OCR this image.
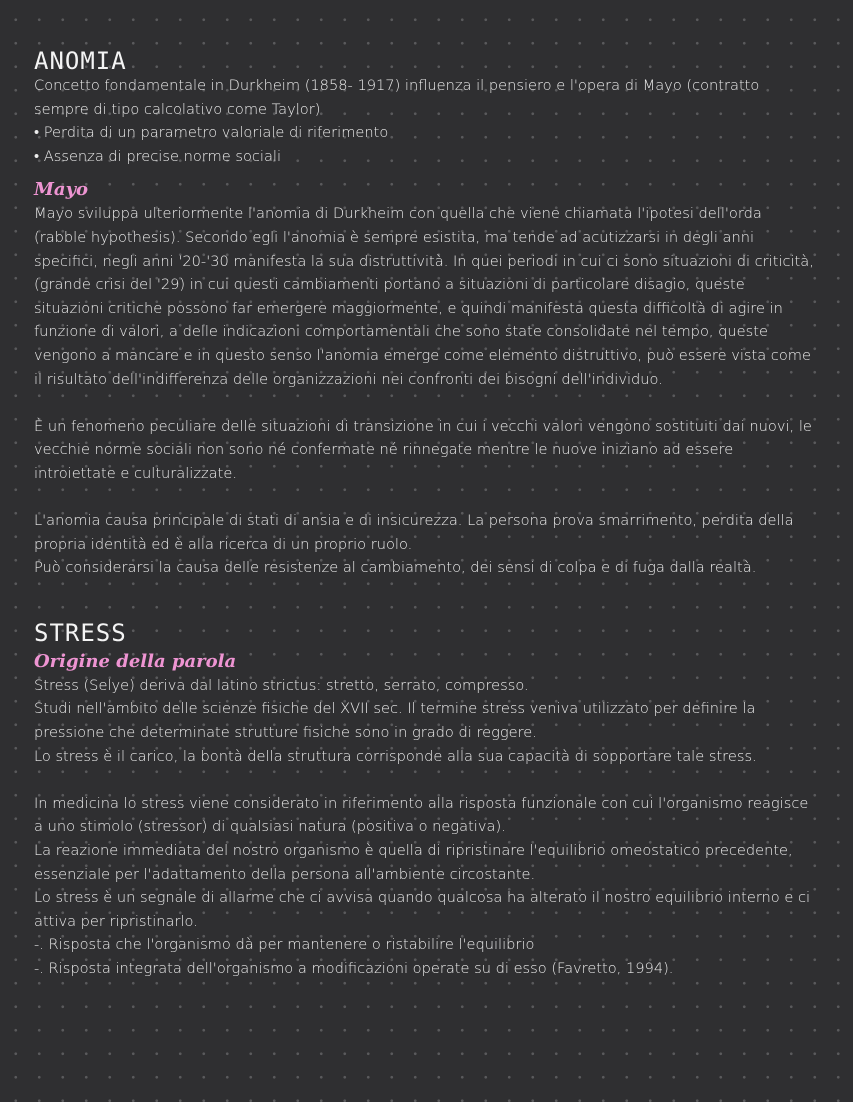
ANOMIA

Concetto fondamentale in Durkheim (1858- 1917) influenza il pensiero e l'opera di Mayo (contratto sempre di tipo calcolativo come Taylor)

• Perdita di un parametro valoriale di riferimento

• Assenza di precise norme sociali

Mayo

Mayo sviluppa ulteriormente l'anomia di Durkheim con quella che viene chiamata l'ipotesi dell'orda (rabble hypothesis). Secondo egli l'anomia è sempre esistita, ma tende ad acutizzarsi in degli anni specifici, negli anni '20-'30 manifesta la sua distruttività. In quei periodi in cui ci sono situazioni di criticità, (grande crisi del '29) in cui questi cambiamenti portano a situazioni di particolare disagio, queste situazioni critiche possono far emergere maggiormente, e quindi manifesta questa difficoltà di agire in funzione di valori, a delle indicazioni comportamentali che sono state consolidate nel tempo, queste vengono a mancare e in questo senso l'anomia emerge come elemento distruttivo, può essere vista come il risultato dell'indifferenza delle organizzazioni nei confronti dei bisogni dell'individuo.

È un fenomeno peculiare delle situazioni di transizione in cui i vecchi valori vengono sostituiti dai nuovi, le vecchie norme sociali non sono né confermate né rinnegate mentre le nuove iniziano ad essere introiettate e culturalizzate.

L'anomia causa principale di stati di ansia e di insicurezza. La persona prova smarrimento, perdita della propria identità ed è alla ricerca di un proprio ruolo.

Può considerarsi la causa delle resistenze al cambiamento, dei sensi di colpa e di fuga dalla realtà.

STRESS
Origine della parola

Stress (Selye) deriva dal latino strictus: stretto, serrato, compresso.

Studi nell'ambito delle scienze fisiche del XVII sec. Il termine stress veniva utilizzato per definire la pressione che determinate strutture fisiche sono in grado di reggere.

Lo stress è il carico, la bontà della struttura corrisponde alla sua capacità di sopportare tale stress.

In medicina lo stress viene considerato in riferimento alla risposta funzionale con cui l'organismo reagisce a uno stimolo (stressor) di qualsiasi natura (positiva o negativa).

La reazione immediata del nostro organismo è quella di ripristinare l'equilibrio omeostatico precedente, essenziale per l'adattamento della persona all'ambiente circostante.

Lo stress è un segnale di allarme che ci avvisa quando qualcosa ha alterato il nostro equilibrio interno e ci attiva per ripristinarlo.

-. Risposta che l'organismo dà per mantenere o ristabilire l'equilibrio

-. Risposta integrata dell'organismo a modificazioni operate su di esso (Favretto, 1994).
